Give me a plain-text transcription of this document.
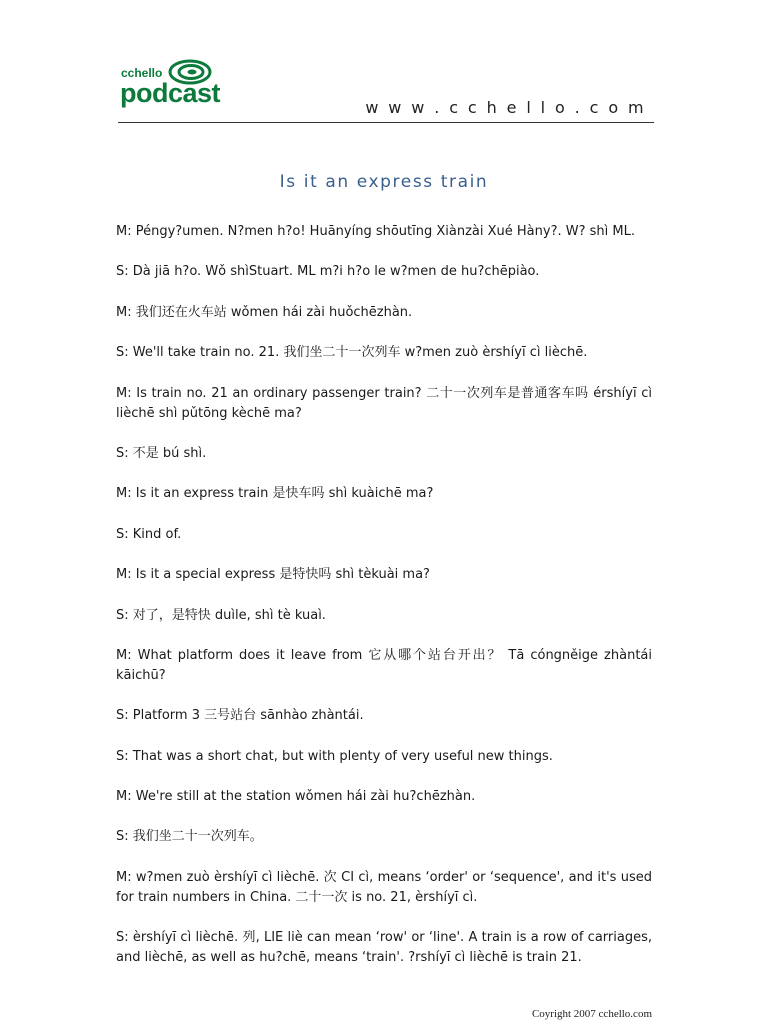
cchello
podcast	w w w . c c h e l l o . c o m
Is it an express train

M: Péngy?umen. N?men h?o! Huānyíng shōutīng Xiànzài Xué Hàny?. W? shì ML.

S: Dà jiā h?o. Wǒ shìStuart. ML m?i h?o le w?men de hu?chēpiào.

M: 我们还在火车站 wǒmen hái zài huǒchēzhàn.

S: We'll take train no. 21. 我们坐二十一次列车 w?men zuò èrshíyī cì lièchē.

M: Is train no. 21 an ordinary passenger train? 二十一次列车是普通客车吗 érshíyī cì lièchē shì pǔtōng kèchē ma?

S: 不是 bú shì.

M: Is it an express train 是快车吗 shì kuàichē ma?

S: Kind of.

M: Is it a special express 是特快吗 shì tèkuài ma?

S: 对了，是特快 duìle, shì tè kuaì.

M: What platform does it leave from 它从哪个站台开出？ Tā cóngněige zhàntái kāichū?

S: Platform 3 三号站台 sānhào zhàntái.

S: That was a short chat, but with plenty of very useful new things.

M: We're still at the station wǒmen hái zài hu?chēzhàn.

S: 我们坐二十一次列车。

M: w?men zuò èrshíyī cì lièchē. 次 CI cì, means ‘order' or ‘sequence', and it's used for train numbers in China. 二十一次 is no. 21, èrshíyī cì.

S: èrshíyī cì lièchē. 列, LIE liè can mean ‘row' or ‘line'. A train is a row of carriages, and lièchē, as well as hu?chē, means ‘train'. ?rshíyī cì lièchē is train 21.

Coyright 2007 cchello.com
